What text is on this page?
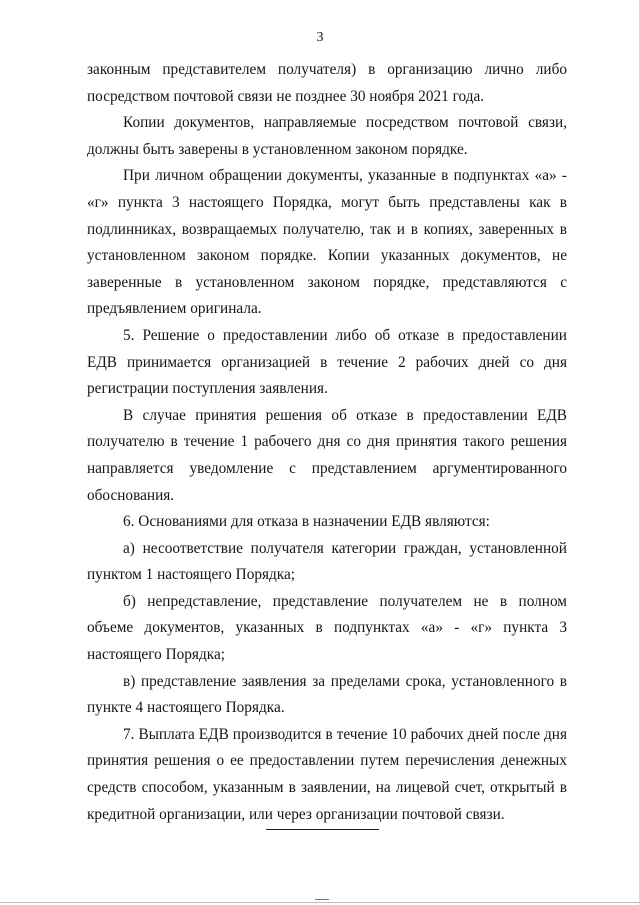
3

законным представителем получателя) в организацию лично либо посредством почтовой связи не позднее 30 ноября 2021 года.

Копии документов, направляемые посредством почтовой связи, должны быть заверены в установленном законом порядке.

При личном обращении документы, указанные в подпунктах «а» - «г» пункта 3 настоящего Порядка, могут быть представлены как в подлинниках, возвращаемых получателю, так и в копиях, заверенных в установленном законом порядке. Копии указанных документов, не заверенные в установленном законом порядке, представляются с предъявлением оригинала.

5. Решение о предоставлении либо об отказе в предоставлении ЕДВ принимается организацией в течение 2 рабочих дней со дня регистрации поступления заявления.

В случае принятия решения об отказе в предоставлении ЕДВ получателю в течение 1 рабочего дня со дня принятия такого решения направляется уведомление с представлением аргументированного обоснования.

6. Основаниями для отказа в назначении ЕДВ являются:

а) несоответствие получателя категории граждан, установленной пунктом 1 настоящего Порядка;

б) непредставление, представление получателем не в полном объеме документов, указанных в подпунктах «а» - «г» пункта 3 настоящего Порядка;

в) представление заявления за пределами срока, установленного в пункте 4 настоящего Порядка.

7. Выплата ЕДВ производится в течение 10 рабочих дней после дня принятия решения о ее предоставлении путем перечисления денежных средств способом, указанным в заявлении, на лицевой счет, открытый в кредитной организации, или через организации почтовой связи.
